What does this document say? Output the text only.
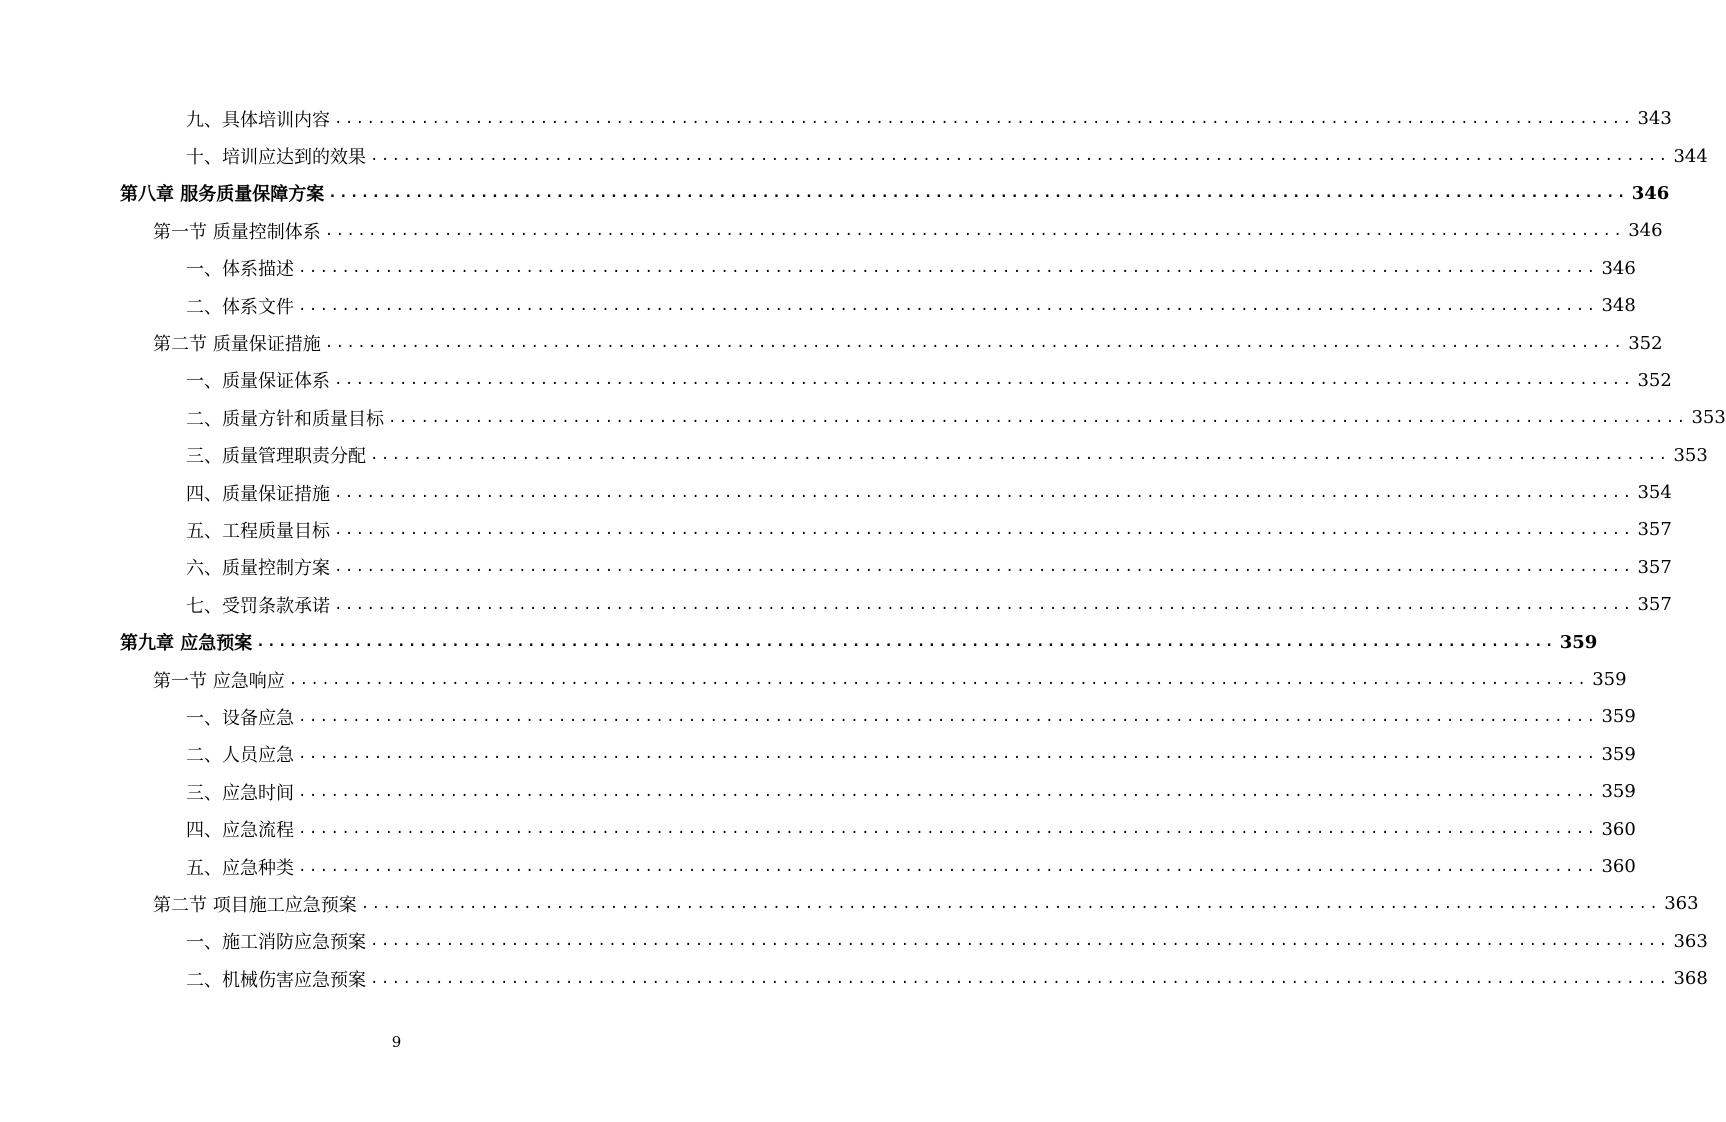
九、具体培训内容 ........................................................................................................................ 343
十、培训应达到的效果 ........................................................................................................................ 344
第八章 服务质量保障方案 ........................................................................................................................ 346
第一节 质量控制体系 ........................................................................................................................ 346
一、体系描述 ........................................................................................................................ 346
二、体系文件 ........................................................................................................................ 348
第二节 质量保证措施 ........................................................................................................................ 352
一、质量保证体系 ........................................................................................................................ 352
二、质量方针和质量目标 ........................................................................................................................ 353
三、质量管理职责分配 ........................................................................................................................ 353
四、质量保证措施 ........................................................................................................................ 354
五、工程质量目标 ........................................................................................................................ 357
六、质量控制方案 ........................................................................................................................ 357
七、受罚条款承诺 ........................................................................................................................ 357
第九章 应急预案 ........................................................................................................................ 359
第一节 应急响应 ........................................................................................................................ 359
一、设备应急 ........................................................................................................................ 359
二、人员应急 ........................................................................................................................ 359
三、应急时间 ........................................................................................................................ 359
四、应急流程 ........................................................................................................................ 360
五、应急种类 ........................................................................................................................ 360
第二节 项目施工应急预案 ........................................................................................................................ 363
一、施工消防应急预案 ........................................................................................................................ 363
二、机械伤害应急预案 ........................................................................................................................ 368
9
